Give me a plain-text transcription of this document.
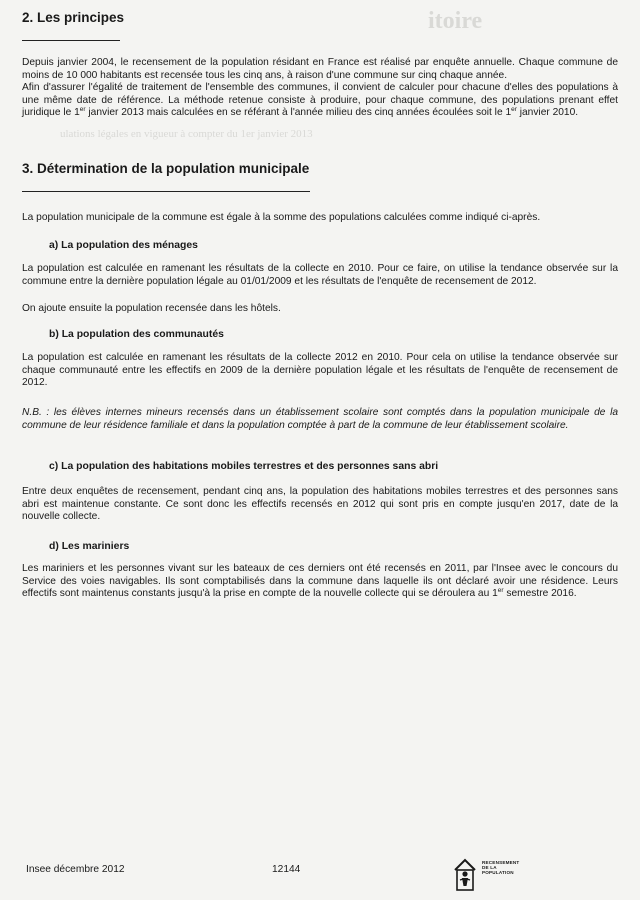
itoire
ulations légales en vigueur à compter du 1er janvier 2013
2. Les principes

Depuis janvier 2004, le recensement de la population résidant en France est réalisé par enquête annuelle. Chaque commune de moins de 10 000 habitants est recensée tous les cinq ans, à raison d'une commune sur cinq chaque année.

Afin d'assurer l'égalité de traitement de l'ensemble des communes, il convient de calculer pour chacune d'elles des populations à une même date de référence. La méthode retenue consiste à produire, pour chaque commune, des populations prenant effet juridique le 1er janvier 2013 mais calculées en se référant à l'année milieu des cinq années écoulées soit le 1er janvier 2010.

3. Détermination de la population municipale

La population municipale de la commune est égale à la somme des populations calculées comme indiqué ci-après.

a) La population des ménages

La population est calculée en ramenant les résultats de la collecte en 2010. Pour ce faire, on utilise la tendance observée sur la commune entre la dernière population légale au 01/01/2009 et les résultats de l'enquête de recensement de 2012.

On ajoute ensuite la population recensée dans les hôtels.

b) La population des communautés

La population est calculée en ramenant les résultats de la collecte 2012 en 2010. Pour cela on utilise la tendance observée sur chaque communauté entre les effectifs en 2009 de la dernière population légale et les résultats de l'enquête de recensement de 2012.

N.B. : les élèves internes mineurs recensés dans un établissement scolaire sont comptés dans la population municipale de la commune de leur résidence familiale et dans la population comptée à part de la commune de leur établissement scolaire.

c) La population des habitations mobiles terrestres et des personnes sans abri

Entre deux enquêtes de recensement, pendant cinq ans, la population des habitations mobiles terrestres et des personnes sans abri est maintenue constante. Ce sont donc les effectifs recensés en 2012 qui sont pris en compte jusqu'en 2017, date de la nouvelle collecte.

d) Les mariniers

Les mariniers et les personnes vivant sur les bateaux de ces derniers ont été recensés en 2011, par l'Insee avec le concours du Service des voies navigables. Ils sont comptabilisés dans la commune dans laquelle ils ont déclaré avoir une résidence. Leurs effectifs sont maintenus constants jusqu'à la prise en compte de la nouvelle collecte qui se déroulera au 1er semestre 2016.

Insee décembre 2012	12144
RECENSEMENT
DE LA
POPULATION
